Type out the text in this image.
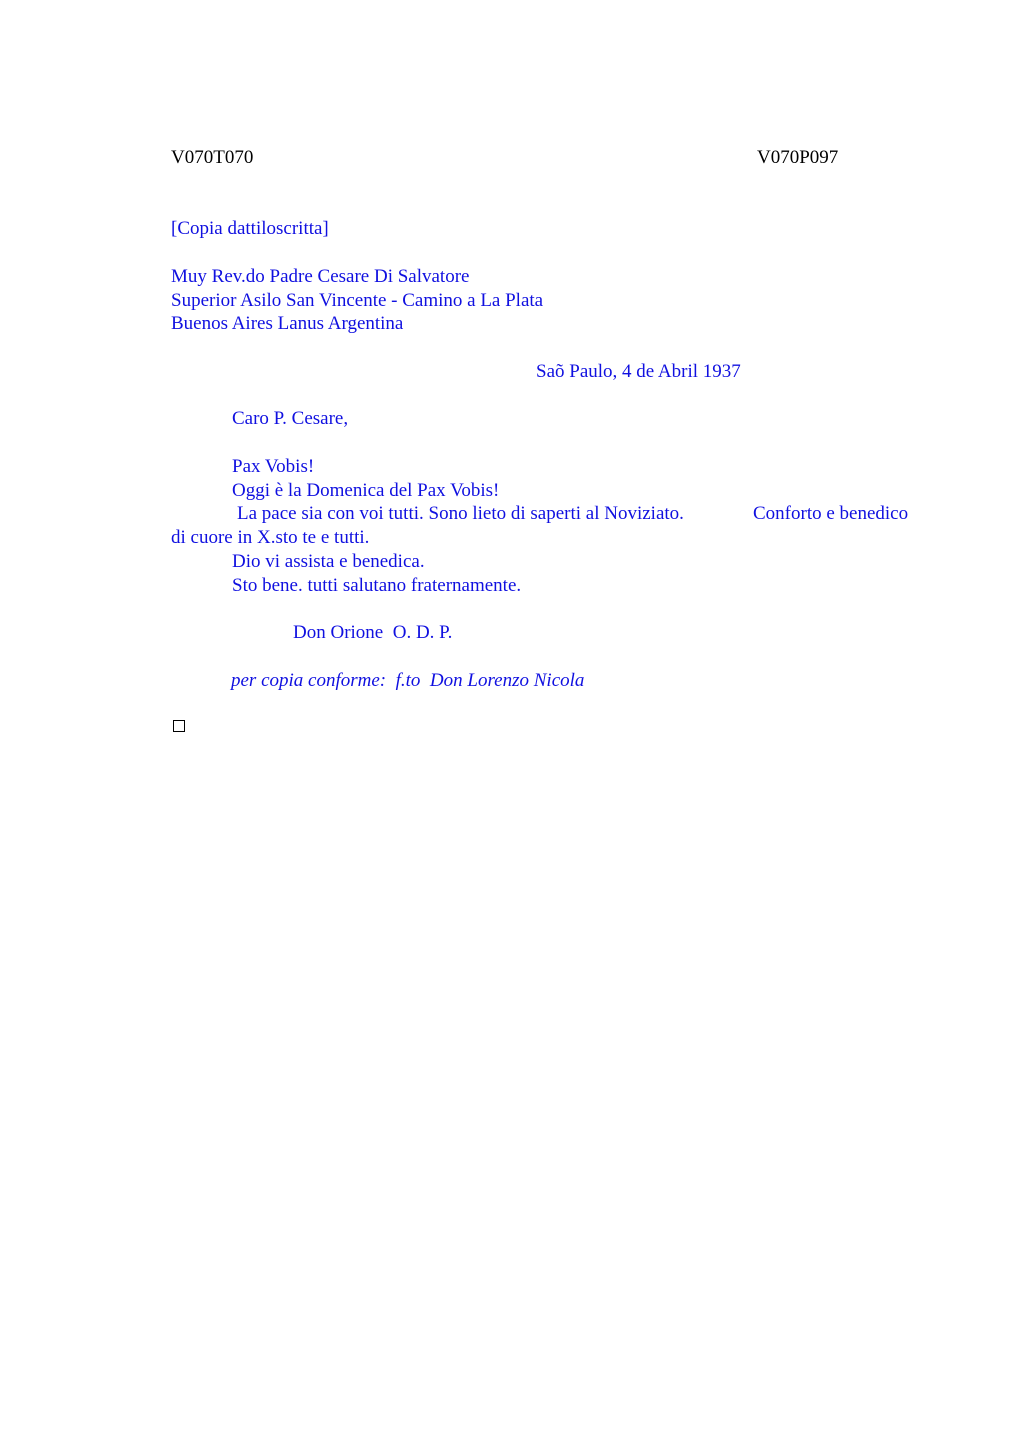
V070T070	V070P097
[Copia dattiloscritta]
Muy Rev.do Padre Cesare Di Salvatore
Superior Asilo San Vincente - Camino a La Plata
Buenos Aires Lanus Argentina
Saõ Paulo, 4 de Abril 1937
Caro P. Cesare,
Pax Vobis!
Oggi è la Domenica del Pax Vobis!
La pace sia con voi tutti. Sono lieto di saperti al Noviziato.	Conforto e benedico
di cuore in X.sto te e tutti.
Dio vi assista e benedica.
Sto bene. tutti salutano fraternamente.
Don Orione  O. D. P.
per copia conforme:  f.to  Don Lorenzo Nicola
